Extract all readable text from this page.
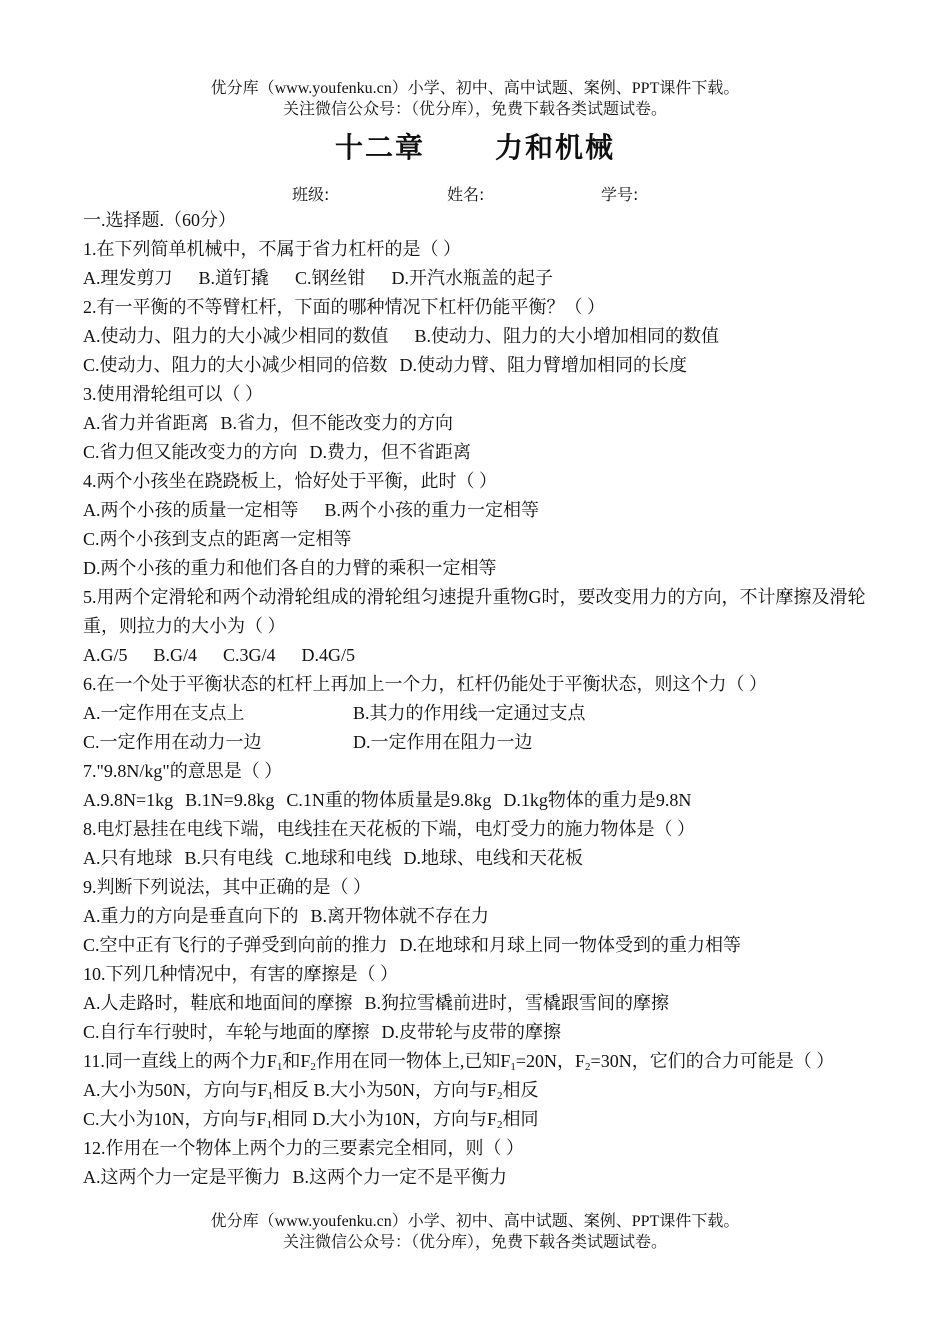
优分库（www.youfenku.cn）小学、初中、高中试题、案例、PPT课件下载。
关注微信公众号：（优分库），免费下载各类试题试卷。
十二章	力和机械
班级:	姓名:	学号:
一.选择题.（60分）
1.在下列简单机械中，不属于省力杠杆的是（ ）
A.理发剪刀 B.道钉撬 C.钢丝钳 D.开汽水瓶盖的起子
2.有一平衡的不等臂杠杆，下面的哪种情况下杠杆仍能平衡？（ ）
A.使动力、阻力的大小减少相同的数值 B.使动力、阻力的大小增加相同的数值
C.使动力、阻力的大小减少相同的倍数 D.使动力臂、阻力臂增加相同的长度
3.使用滑轮组可以（ ）
A.省力并省距离 B.省力，但不能改变力的方向
C.省力但又能改变力的方向 D.费力，但不省距离
4.两个小孩坐在跷跷板上，恰好处于平衡，此时（ ）
A.两个小孩的质量一定相等 B.两个小孩的重力一定相等
C.两个小孩到支点的距离一定相等
D.两个小孩的重力和他们各自的力臂的乘积一定相等
5.用两个定滑轮和两个动滑轮组成的滑轮组匀速提升重物G时，要改变用力的方向，不计摩擦及滑轮重，则拉力的大小为（ ）
A.G/5 B.G/4 C.3G/4 D.4G/5
6.在一个处于平衡状态的杠杆上再加上一个力，杠杆仍能处于平衡状态，则这个力（ ）
A.一定作用在支点上	B.其力的作用线一定通过支点
C.一定作用在动力一边	D.一定作用在阻力一边
7."9.8N/kg"的意思是（ ）
A.9.8N=1kg B.1N=9.8kg C.1N重的物体质量是9.8kg D.1kg物体的重力是9.8N
8.电灯悬挂在电线下端，电线挂在天花板的下端，电灯受力的施力物体是（ ）
A.只有地球 B.只有电线 C.地球和电线 D.地球、电线和天花板
9.判断下列说法，其中正确的是（ ）
A.重力的方向是垂直向下的 B.离开物体就不存在力
C.空中正有飞行的子弹受到向前的推力 D.在地球和月球上同一物体受到的重力相等
10.下列几种情况中，有害的摩擦是（ ）
A.人走路时，鞋底和地面间的摩擦 B.狗拉雪橇前进时，雪橇跟雪间的摩擦
C.自行车行驶时，车轮与地面的摩擦 D.皮带轮与皮带的摩擦
11.同一直线上的两个力$F_1$和$F_2$作用在同一物体上,已知$F_1=20N$，$F_2=30N$，它们的合力可能是（ ）
A.大小为50N，方向与$F_1$相反 B.大小为50N，方向与$F_2$相反
C.大小为10N，方向与$F_1$相同 D.大小为10N，方向与$F_2$相同
12.作用在一个物体上两个力的三要素完全相同，则（ ）
A.这两个力一定是平衡力 B.这两个力一定不是平衡力
优分库（www.youfenku.cn）小学、初中、高中试题、案例、PPT课件下载。
关注微信公众号：（优分库），免费下载各类试题试卷。
